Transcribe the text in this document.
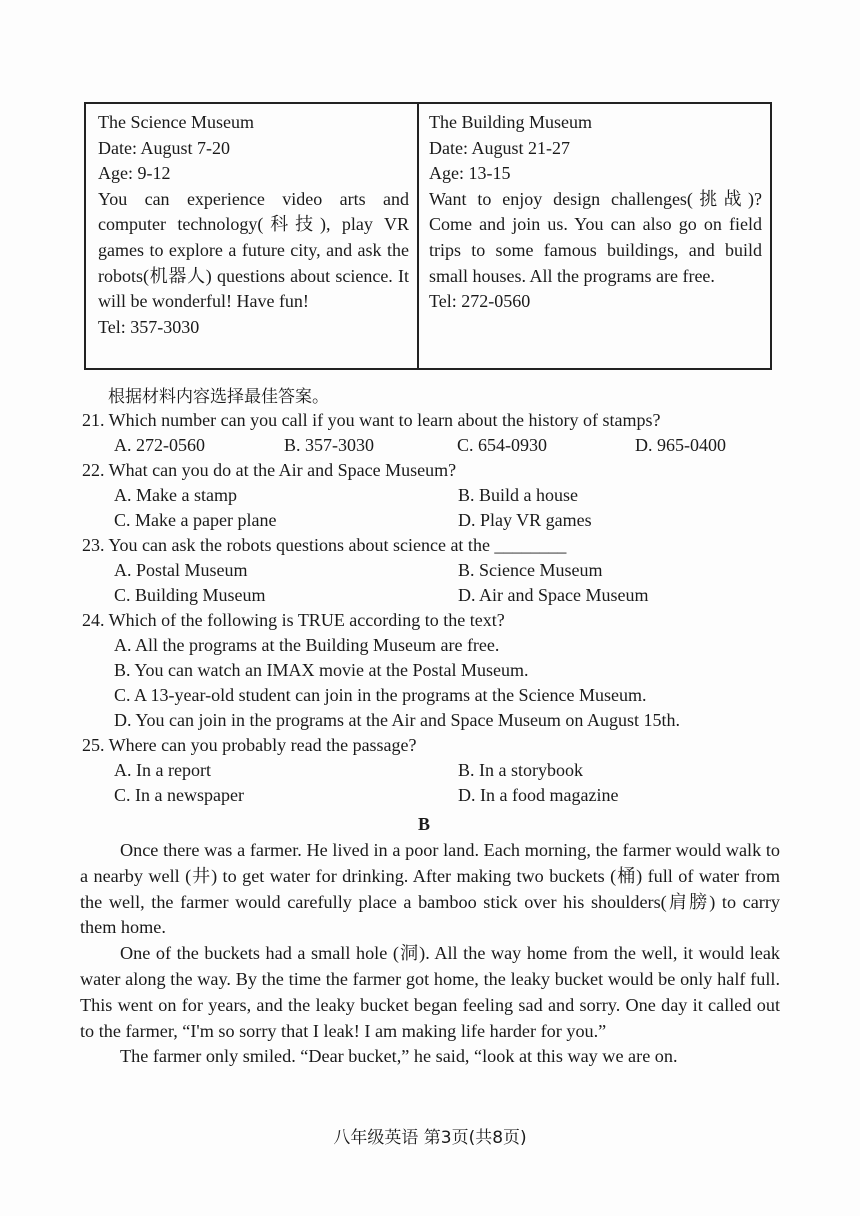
The Science Museum
Date: August 7-20
Age: 9-12
You can experience video arts and computer technology(科技), play VR games to explore a future city, and ask the robots(机器人) questions about science. It will be wonderful! Have fun!
Tel: 357-3030
The Building Museum
Date: August 21-27
Age: 13-15
Want to enjoy design challenges(挑战)? Come and join us. You can also go on field trips to some famous buildings, and build small houses. All the programs are free.
Tel: 272-0560
根据材料内容选择最佳答案。
21. Which number can you call if you want to learn about the history of stamps?
A. 272-0560	B. 357-3030	C. 654-0930	D. 965-0400
22. What can you do at the Air and Space Museum?
A. Make a stamp	B. Build a house
C. Make a paper plane	D. Play VR games
23. You can ask the robots questions about science at the ________
A. Postal Museum	B. Science Museum
C. Building Museum	D. Air and Space Museum
24. Which of the following is TRUE according to the text?
A. All the programs at the Building Museum are free.
B. You can watch an IMAX movie at the Postal Museum.
C. A 13-year-old student can join in the programs at the Science Museum.
D. You can join in the programs at the Air and Space Museum on August 15th.
25. Where can you probably read the passage?
A. In a report	B. In a storybook
C. In a newspaper	D. In a food magazine
B

Once there was a farmer. He lived in a poor land. Each morning, the farmer would walk to a nearby well (井) to get water for drinking. After making two buckets (桶) full of water from the well, the farmer would carefully place a bamboo stick over his shoulders(肩膀) to carry them home.

One of the buckets had a small hole (洞). All the way home from the well, it would leak water along the way. By the time the farmer got home, the leaky bucket would be only half full. This went on for years, and the leaky bucket began feeling sad and sorry. One day it called out to the farmer, “I'm so sorry that I leak! I am making life harder for you.”

The farmer only smiled. “Dear bucket,” he said, “look at this way we are on.

八年级英语 第3页(共8页)
